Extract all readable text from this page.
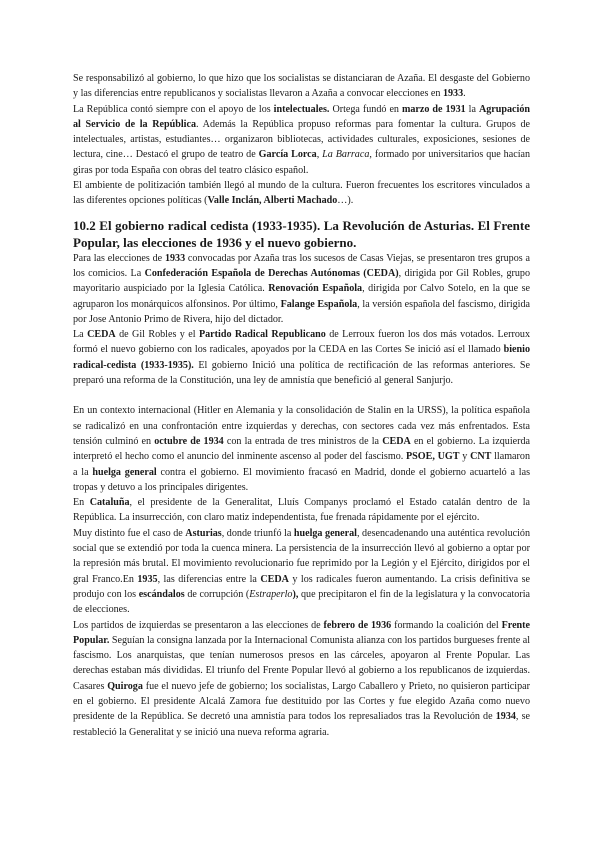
Se responsabilizó al gobierno, lo que hizo que los socialistas se distanciaran de Azaña. El desgaste del Gobierno y las diferencias entre republicanos y socialistas llevaron a Azaña a convocar elecciones en 1933.

La República contó siempre con el apoyo de los intelectuales. Ortega fundó en marzo de 1931 la Agrupación al Servicio de la República. Además la República propuso reformas para fomentar la cultura. Grupos de intelectuales, artistas, estudiantes… organizaron bibliotecas, actividades culturales, exposiciones, sesiones de lectura, cine… Destacó el grupo de teatro de García Lorca, La Barraca, formado por universitarios que hacían giras por toda España con obras del teatro clásico español.

El ambiente de politización también llegó al mundo de la cultura. Fueron frecuentes los escritores vinculados a las diferentes opciones políticas (Valle Inclán, Alberti Machado…).

10.2 El gobierno radical cedista (1933-1935). La Revolución de Asturias. El Frente Popular, las elecciones de 1936 y el nuevo gobierno.

Para las elecciones de 1933 convocadas por Azaña tras los sucesos de Casas Viejas, se presentaron tres grupos a los comicios. La Confederación Española de Derechas Autónomas (CEDA), dirigida por Gil Robles, grupo mayoritario auspiciado por la Iglesia Católica. Renovación Española, dirigida por Calvo Sotelo, en la que se agruparon los monárquicos alfonsinos. Por último, Falange Española, la versión española del fascismo, dirigida por Jose Antonio Primo de Rivera, hijo del dictador.

La CEDA de Gil Robles y el Partido Radical Republicano de Lerroux fueron los dos más votados. Lerroux formó el nuevo gobierno con los radicales, apoyados por la CEDA en las Cortes Se inició así el llamado bienio radical-cedista (1933-1935). El gobierno Inició una política de rectificación de las reformas anteriores. Se preparó una reforma de la Constitución, una ley de amnistía que benefició al general Sanjurjo.

En un contexto internacional (Hitler en Alemania y la consolidación de Stalin en la URSS), la política española se radicalizó en una confrontación entre izquierdas y derechas, con sectores cada vez más enfrentados. Esta tensión culminó en octubre de 1934 con la entrada de tres ministros de la CEDA en el gobierno. La izquierda interpretó el hecho como el anuncio del inminente ascenso al poder del fascismo. PSOE, UGT y CNT llamaron a la huelga general contra el gobierno. El movimiento fracasó en Madrid, donde el gobierno acuarteló a las tropas y detuvo a los principales dirigentes.

En Cataluña, el presidente de la Generalitat, Lluís Companys proclamó el Estado catalán dentro de la República. La insurrección, con claro matiz independentista, fue frenada rápidamente por el ejército.

Muy distinto fue el caso de Asturias, donde triunfó la huelga general, desencadenando una auténtica revolución social que se extendió por toda la cuenca minera. La persistencia de la insurrección llevó al gobierno a optar por la represión más brutal. El movimiento revolucionario fue reprimido por la Legión y el Ejército, dirigidos por el gral Franco.En 1935, las diferencias entre la CEDA y los radicales fueron aumentando. La crisis definitiva se produjo con los escándalos de corrupción (Estraperlo), que precipitaron el fin de la legislatura y la convocatoria de elecciones.

Los partidos de izquierdas se presentaron a las elecciones de febrero de 1936 formando la coalición del Frente Popular. Seguían la consigna lanzada por la Internacional Comunista alianza con los partidos burgueses frente al fascismo. Los anarquistas, que tenían numerosos presos en las cárceles, apoyaron al Frente Popular. Las derechas estaban más divididas. El triunfo del Frente Popular llevó al gobierno a los republicanos de izquierdas. Casares Quiroga fue el nuevo jefe de gobierno; los socialistas, Largo Caballero y Prieto, no quisieron participar en el gobierno. El presidente Alcalá Zamora fue destituido por las Cortes y fue elegido Azaña como nuevo presidente de la República. Se decretó una amnistía para todos los represaliados tras la Revolución de 1934, se restableció la Generalitat y se inició una nueva reforma agraria.
